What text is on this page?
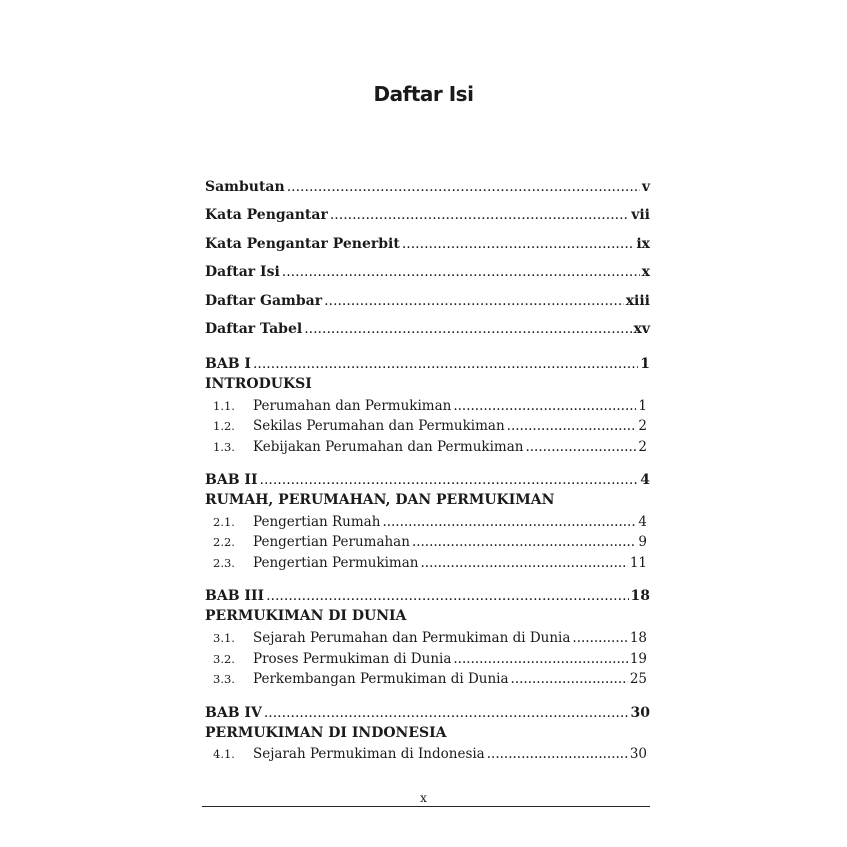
Daftar Isi
Sambutan .....	v
Kata Pengantar .....	vii
Kata Pengantar Penerbit .....	ix
Daftar Isi .....	x
Daftar Gambar .....	xiii
Daftar Tabel .....	xv
BAB I .....	1
INTRODUKSI
1.1. Perumahan dan Permukiman .....	1
1.2. Sekilas Perumahan dan Permukiman .....	2
1.3. Kebijakan Perumahan dan Permukiman .....	2
BAB II .....	4
RUMAH, PERUMAHAN, DAN PERMUKIMAN
2.1. Pengertian Rumah .....	4
2.2. Pengertian Perumahan .....	9
2.3. Pengertian Permukiman .....	11
BAB III .....	18
PERMUKIMAN DI DUNIA
3.1. Sejarah Perumahan dan Permukiman di Dunia .....	18
3.2. Proses Permukiman di Dunia .....	19
3.3. Perkembangan Permukiman di Dunia .....	25
BAB IV .....	30
PERMUKIMAN DI INDONESIA
4.1. Sejarah Permukiman di Indonesia .....	30
x
